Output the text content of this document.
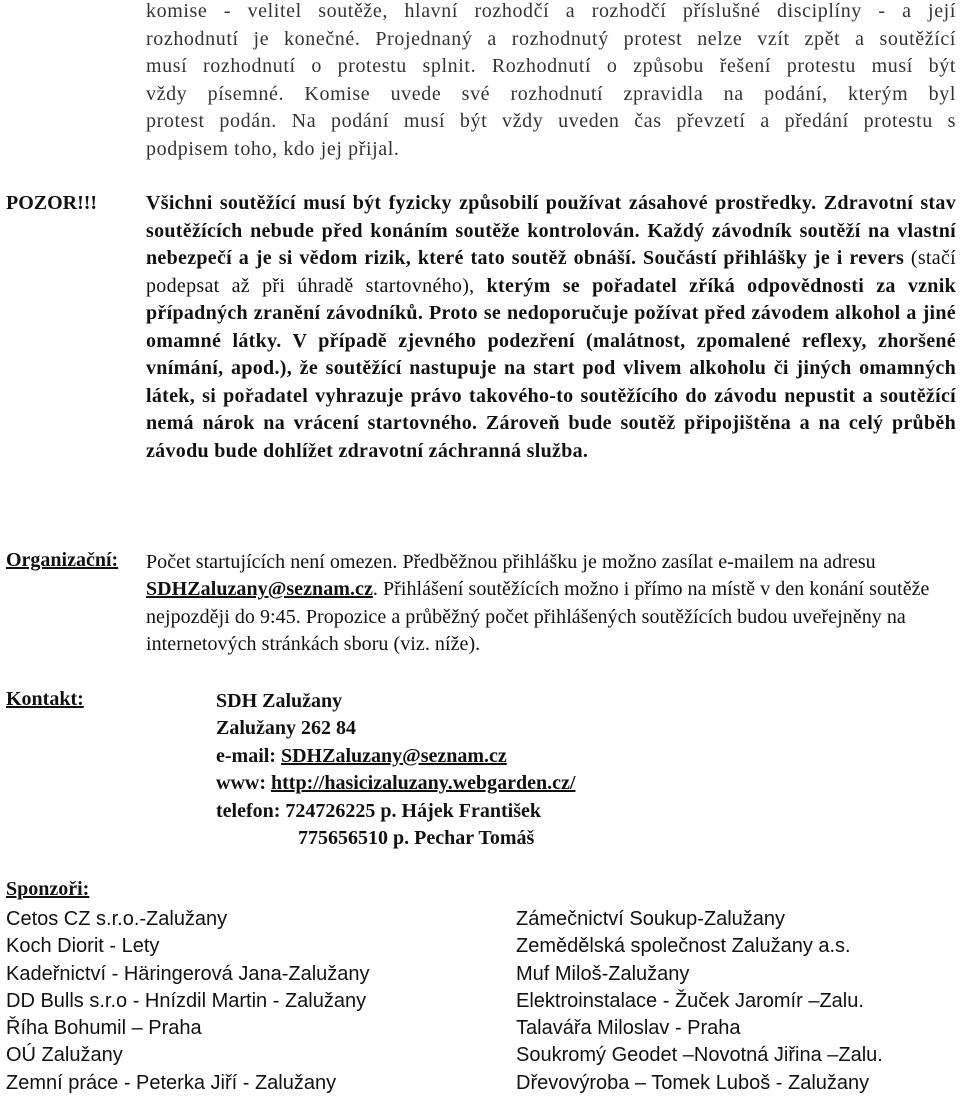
komise - velitel soutěže, hlavní rozhodčí a rozhodčí příslušné disciplíny - a její
rozhodnutí je konečné. Projednaný a rozhodnutý protest nelze vzít zpět a soutěžící
musí rozhodnutí o protestu splnit. Rozhodnutí o způsobu řešení protestu musí být
vždy písemné. Komise uvede své rozhodnutí zpravidla na podání, kterým byl
protest podán. Na podání musí být vždy uveden čas převzetí a předání protestu s
podpisem toho, kdo jej přijal.
POZOR!!! Všichni soutěžící musí být fyzicky způsobilí používat zásahové prostředky. Zdravotní stav soutěžících nebude před konáním soutěže kontrolován. Každý závodník soutěží na vlastní nebezpečí a je si vědom rizik, které tato soutěž obnáší. Součástí přihlášky je i revers (stačí podepsat až při úhradě startovného), kterým se pořadatel zříká odpovědnosti za vznik případných zranění závodníků. Proto se nedoporučuje požívat před závodem alkohol a jiné omamné látky. V případě zjevného podezření (malátnost, zpomalené reflexy, zhoršené vnímání, apod.), že soutěžící nastupuje na start pod vlivem alkoholu či jiných omamných látek, si pořadatel vyhrazuje právo takového-to soutěžícího do závodu nepustit a soutěžící nemá nárok na vrácení startovného. Zároveň bude soutěž připojištěna a na celý průběh závodu bude dohlížet zdravotní záchranná služba.
Organizační: Počet startujících není omezen. Předběžnou přihlášku je možno zasílat e-mailem na adresu SDHZaluzany@seznam.cz. Přihlášení soutěžících možno i přímo na místě v den konání soutěže nejpozději do 9:45. Propozice a průběžný počet přihlášených soutěžících budou uveřejněny na internetových stránkách sboru (viz. níže).
Kontakt:	SDH Zalužany
Zalužany 262 84
e-mail: SDHZaluzany@seznam.cz
www: http://hasicizaluzany.webgarden.cz/
telefon: 724726225 p. Hájek František
775656510 p. Pechar Tomáš
Sponzoři:
Cetos CZ s.r.o.-Zalužany
Koch Diorit - Lety
Kadeřnictví - Häringerová Jana-Zalužany
DD Bulls s.r.o - Hnízdil Martin - Zalužany
Říha Bohumil – Praha
OÚ Zalužany
Zemní práce - Peterka Jiří - Zalužany
Zámečnictví Soukup-Zalužany
Zemědělská společnost Zalužany a.s.
Muf Miloš-Zalužany
Elektroinstalace - Žuček Jaromír –Zalu.
Talavářa Miloslav - Praha
Soukromý Geodet –Novotná Jiřina –Zalu.
Dřevovýroba – Tomek Luboš - Zalužany
